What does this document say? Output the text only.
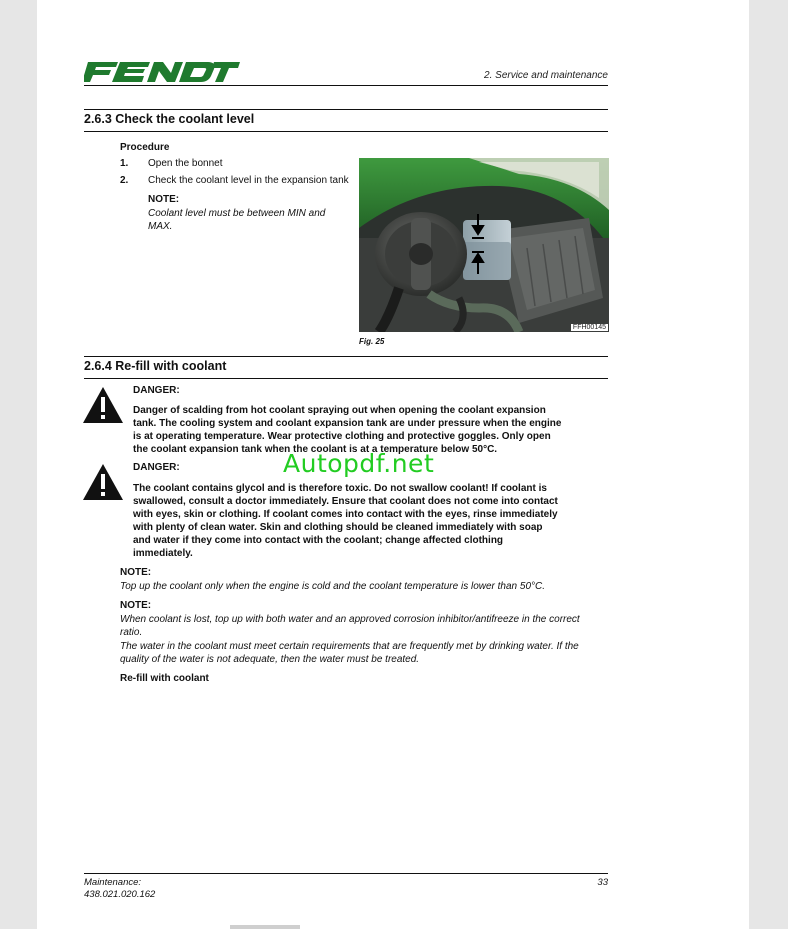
2. Service and maintenance
2.6.3 Check the coolant level
Procedure
1. Open the bonnet
2. Check the coolant level in the expansion tank
NOTE:
Coolant level must be between MIN and
MAX.
FFH00145
Fig. 25
2.6.4 Re-fill with coolant
DANGER:
Danger of scalding from hot coolant spraying out when opening the coolant expansion
tank. The cooling system and coolant expansion tank are under pressure when the engine
is at operating temperature. Wear protective clothing and protective goggles. Only open
the coolant expansion tank when the coolant is at a temperature below 50°C.
DANGER:
The coolant contains glycol and is therefore toxic. Do not swallow coolant! If coolant is
swallowed, consult a doctor immediately. Ensure that coolant does not come into contact
with eyes, skin or clothing. If coolant comes into contact with the eyes, rinse immediately
with plenty of clean water. Skin and clothing should be cleaned immediately with soap
and water if they come into contact with the coolant; change affected clothing
immediately.
Autopdf.net
NOTE:
Top up the coolant only when the engine is cold and the coolant temperature is lower than 50°C.
NOTE:
When coolant is lost, top up with both water and an approved corrosion inhibitor/antifreeze in the correct
ratio.
The water in the coolant must meet certain requirements that are frequently met by drinking water. If the
quality of the water is not adequate, then the water must be treated.
Re-fill with coolant
Maintenance:
438.021.020.162
33
